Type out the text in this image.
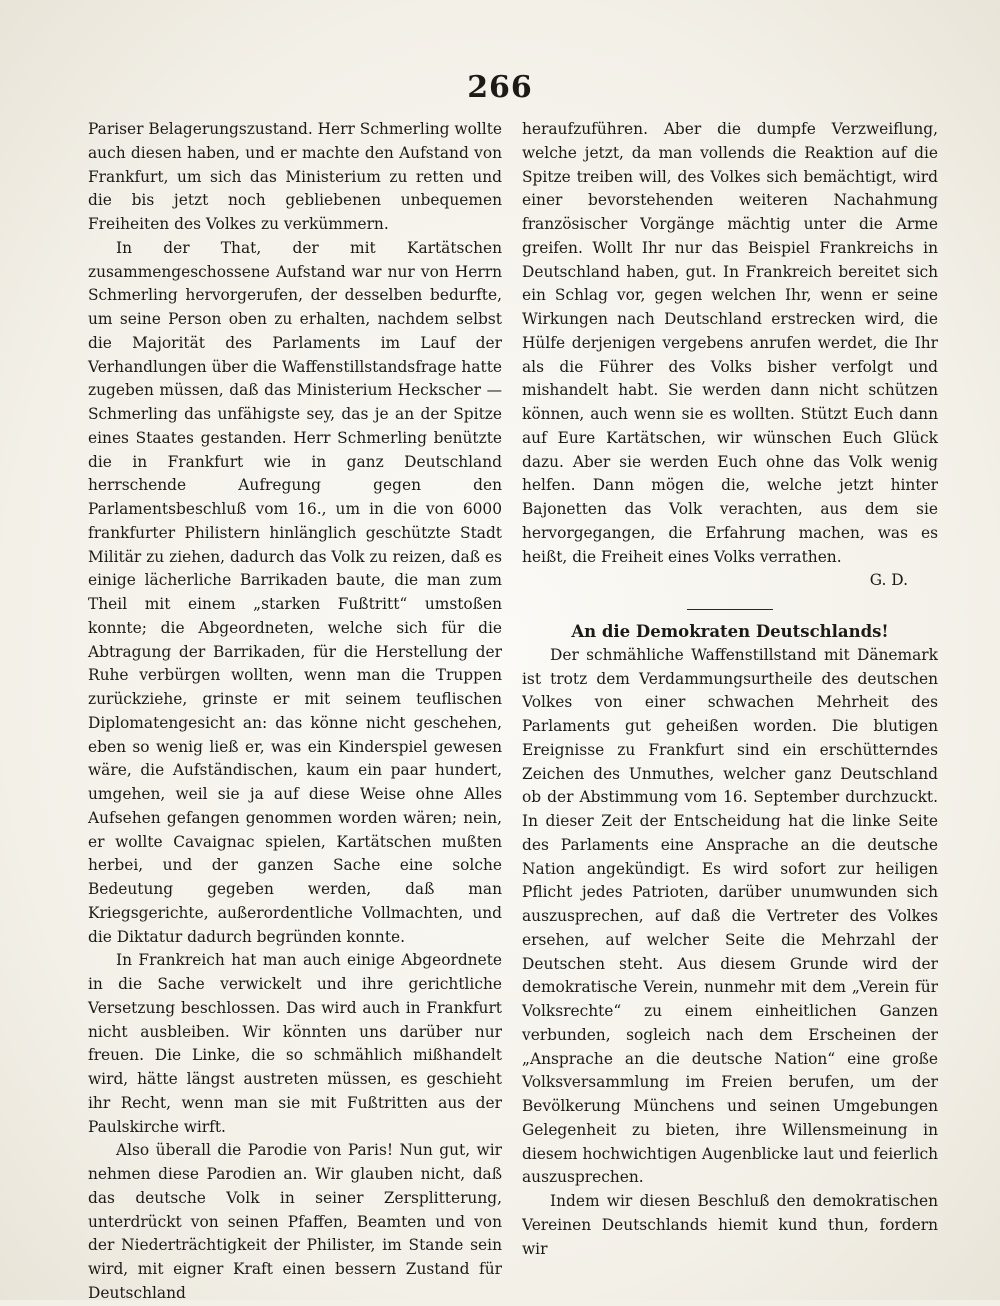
266

Pariser Belagerungszustand. Herr Schmerling wollte auch diesen haben, und er machte den Aufstand von Frankfurt, um sich das Ministerium zu retten und die bis jetzt noch gebliebenen unbequemen Freiheiten des Volkes zu verkümmern.

In der That, der mit Kartätschen zusammengeschossene Aufstand war nur von Herrn Schmerling hervorgerufen, der desselben bedurfte, um seine Person oben zu erhalten, nachdem selbst die Majorität des Parlaments im Lauf der Verhandlungen über die Waffenstillstandsfrage hatte zugeben müssen, daß das Ministerium Heckscher — Schmerling das unfähigste sey, das je an der Spitze eines Staates gestanden. Herr Schmerling benützte die in Frankfurt wie in ganz Deutschland herrschende Aufregung gegen den Parlamentsbeschluß vom 16., um in die von 6000 frankfurter Philistern hinlänglich geschützte Stadt Militär zu ziehen, dadurch das Volk zu reizen, daß es einige lächerliche Barrikaden baute, die man zum Theil mit einem „starken Fußtritt“ umstoßen konnte; die Abgeordneten, welche sich für die Abtragung der Barrikaden, für die Herstellung der Ruhe verbürgen wollten, wenn man die Truppen zurückziehe, grinste er mit seinem teuflischen Diplomatengesicht an: das könne nicht geschehen, eben so wenig ließ er, was ein Kinderspiel gewesen wäre, die Aufständischen, kaum ein paar hundert, umgehen, weil sie ja auf diese Weise ohne Alles Aufsehen gefangen genommen worden wären; nein, er wollte Cavaignac spielen, Kartätschen mußten herbei, und der ganzen Sache eine solche Bedeutung gegeben werden, daß man Kriegsgerichte, außerordentliche Vollmachten, und die Diktatur dadurch begründen konnte.

In Frankreich hat man auch einige Abgeordnete in die Sache verwickelt und ihre gerichtliche Versetzung beschlossen. Das wird auch in Frankfurt nicht ausbleiben. Wir könnten uns darüber nur freuen. Die Linke, die so schmählich mißhandelt wird, hätte längst austreten müssen, es geschieht ihr Recht, wenn man sie mit Fußtritten aus der Paulskirche wirft.

Also überall die Parodie von Paris! Nun gut, wir nehmen diese Parodien an. Wir glauben nicht, daß das deutsche Volk in seiner Zersplitterung, unterdrückt von seinen Pfaffen, Beamten und von der Niederträchtigkeit der Philister, im Stande sein wird, mit eigner Kraft einen bessern Zustand für Deutschland

heraufzuführen. Aber die dumpfe Verzweiflung, welche jetzt, da man vollends die Reaktion auf die Spitze treiben will, des Volkes sich bemächtigt, wird einer bevorstehenden weiteren Nachahmung französischer Vorgänge mächtig unter die Arme greifen. Wollt Ihr nur das Beispiel Frankreichs in Deutschland haben, gut. In Frankreich bereitet sich ein Schlag vor, gegen welchen Ihr, wenn er seine Wirkungen nach Deutschland erstrecken wird, die Hülfe derjenigen vergebens anrufen werdet, die Ihr als die Führer des Volks bisher verfolgt und mishandelt habt. Sie werden dann nicht schützen können, auch wenn sie es wollten. Stützt Euch dann auf Eure Kartätschen, wir wünschen Euch Glück dazu. Aber sie werden Euch ohne das Volk wenig helfen. Dann mögen die, welche jetzt hinter Bajonetten das Volk verachten, aus dem sie hervorgegangen, die Erfahrung machen, was es heißt, die Freiheit eines Volks verrathen.

G. D.

An die Demokraten Deutschlands!

Der schmähliche Waffenstillstand mit Dänemark ist trotz dem Verdammungsurtheile des deutschen Volkes von einer schwachen Mehrheit des Parlaments gut geheißen worden. Die blutigen Ereignisse zu Frankfurt sind ein erschütterndes Zeichen des Unmuthes, welcher ganz Deutschland ob der Abstimmung vom 16. September durchzuckt. In dieser Zeit der Entscheidung hat die linke Seite des Parlaments eine Ansprache an die deutsche Nation angekündigt. Es wird sofort zur heiligen Pflicht jedes Patrioten, darüber unumwunden sich auszusprechen, auf daß die Vertreter des Volkes ersehen, auf welcher Seite die Mehrzahl der Deutschen steht. Aus diesem Grunde wird der demokratische Verein, nunmehr mit dem „Verein für Volksrechte“ zu einem einheitlichen Ganzen verbunden, sogleich nach dem Erscheinen der „Ansprache an die deutsche Nation“ eine große Volksversammlung im Freien berufen, um der Bevölkerung Münchens und seinen Umgebungen Gelegenheit zu bieten, ihre Willensmeinung in diesem hochwichtigen Augenblicke laut und feierlich auszusprechen.

Indem wir diesen Beschluß den demokratischen Vereinen Deutschlands hiemit kund thun, fordern wir
